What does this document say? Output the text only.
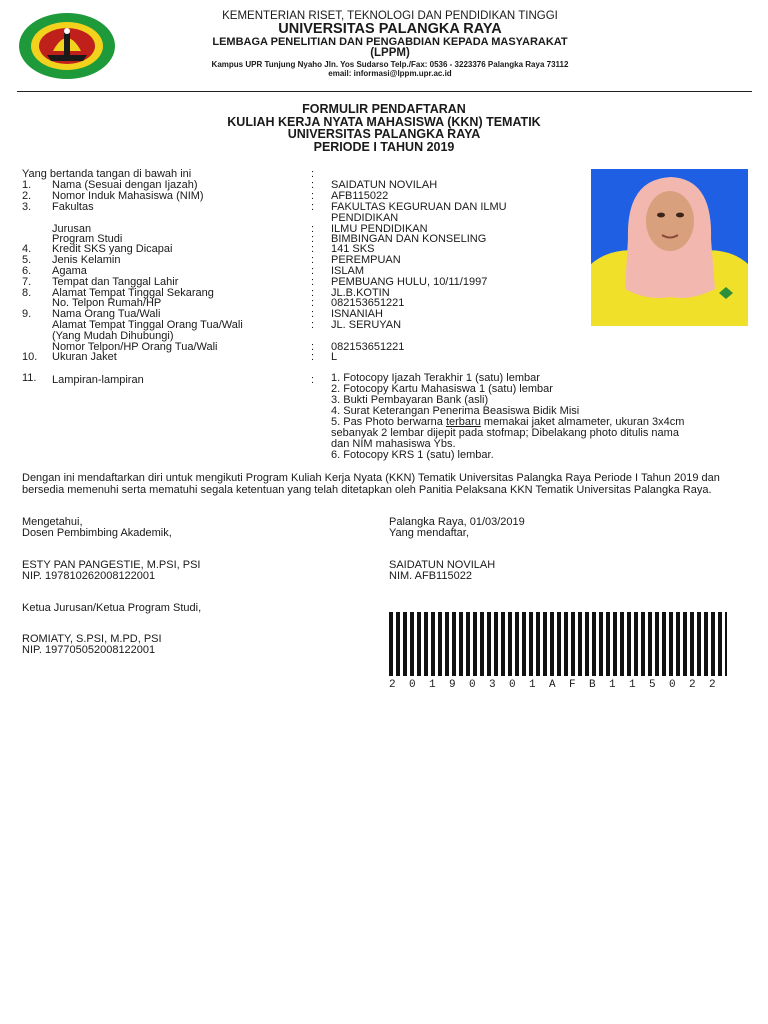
KEMENTERIAN RISET, TEKNOLOGI DAN PENDIDIKAN TINGGI
UNIVERSITAS PALANGKA RAYA
LEMBAGA PENELITIAN DAN PENGABDIAN KEPADA MASYARAKAT
(LPPM)
Kampus UPR Tunjung Nyaho Jln. Yos Sudarso Telp./Fax: 0536 - 3223376 Palangka Raya 73112
email: informasi@lppm.upr.ac.id
FORMULIR PENDAFTARAN
KULIAH KERJA NYATA MAHASISWA (KKN) TEMATIK
UNIVERSITAS PALANGKA RAYA
PERIODE I TAHUN 2019
Yang bertanda tangan di bawah ini	:
1. Nama (Sesuai dengan Ijazah)	: SAIDATUN NOVILAH
2. Nomor Induk Mahasiswa (NIM)	: AFB115022
3. Fakultas	: FAKULTAS KEGURUAN DAN ILMU
PENDIDIKAN
Jurusan	: ILMU PENDIDIKAN
Program Studi	: BIMBINGAN DAN KONSELING
4. Kredit SKS yang Dicapai	: 141 SKS
5. Jenis Kelamin	: PEREMPUAN
6. Agama	: ISLAM
7. Tempat dan Tanggal Lahir	: PEMBUANG HULU, 10/11/1997
8. Alamat Tempat Tinggal Sekarang	: JL.B.KOTIN
No. Telpon Rumah/HP	: 082153651221
9. Nama Orang Tua/Wali	: ISNANIAH
Alamat Tempat Tinggal Orang Tua/Wali	: JL. SERUYAN
(Yang Mudah Dihubungi)
Nomor Telpon/HP Orang Tua/Wali	: 082153651221
10. Ukuran Jaket	: L
11. Lampiran-lampiran	: 1. Fotocopy Ijazah Terakhir 1 (satu) lembar
2. Fotocopy Kartu Mahasiswa 1 (satu) lembar
3. Bukti Pembayaran Bank (asli)
4. Surat Keterangan Penerima Beasiswa Bidik Misi
5. Pas Photo berwarna terbaru memakai jaket almameter, ukuran 3x4cm
sebanyak 2 lembar dijepit pada stofmap; Dibelakang photo ditulis nama
dan NIM mahasiswa Ybs.
6. Fotocopy KRS 1 (satu) lembar.
Dengan ini mendaftarkan diri untuk mengikuti Program Kuliah Kerja Nyata (KKN) Tematik Universitas Palangka Raya Periode I Tahun 2019 dan bersedia memenuhi serta mematuhi segala ketentuan yang telah ditetapkan oleh Panitia Pelaksana KKN Tematik Universitas Palangka Raya.
Mengetahui,
Dosen Pembimbing Akademik,
ESTY PAN PANGESTIE, M.PSI, PSI
NIP. 197810262008122001
Ketua Jurusan/Ketua Program Studi,
ROMIATY, S.PSI, M.PD, PSI
NIP. 197705052008122001
Palangka Raya, 01/03/2019
Yang mendaftar,
SAIDATUN NOVILAH
NIM. AFB115022
2 0 1 9 0 3 0 1 A F B 1 1 5 0 2 2
